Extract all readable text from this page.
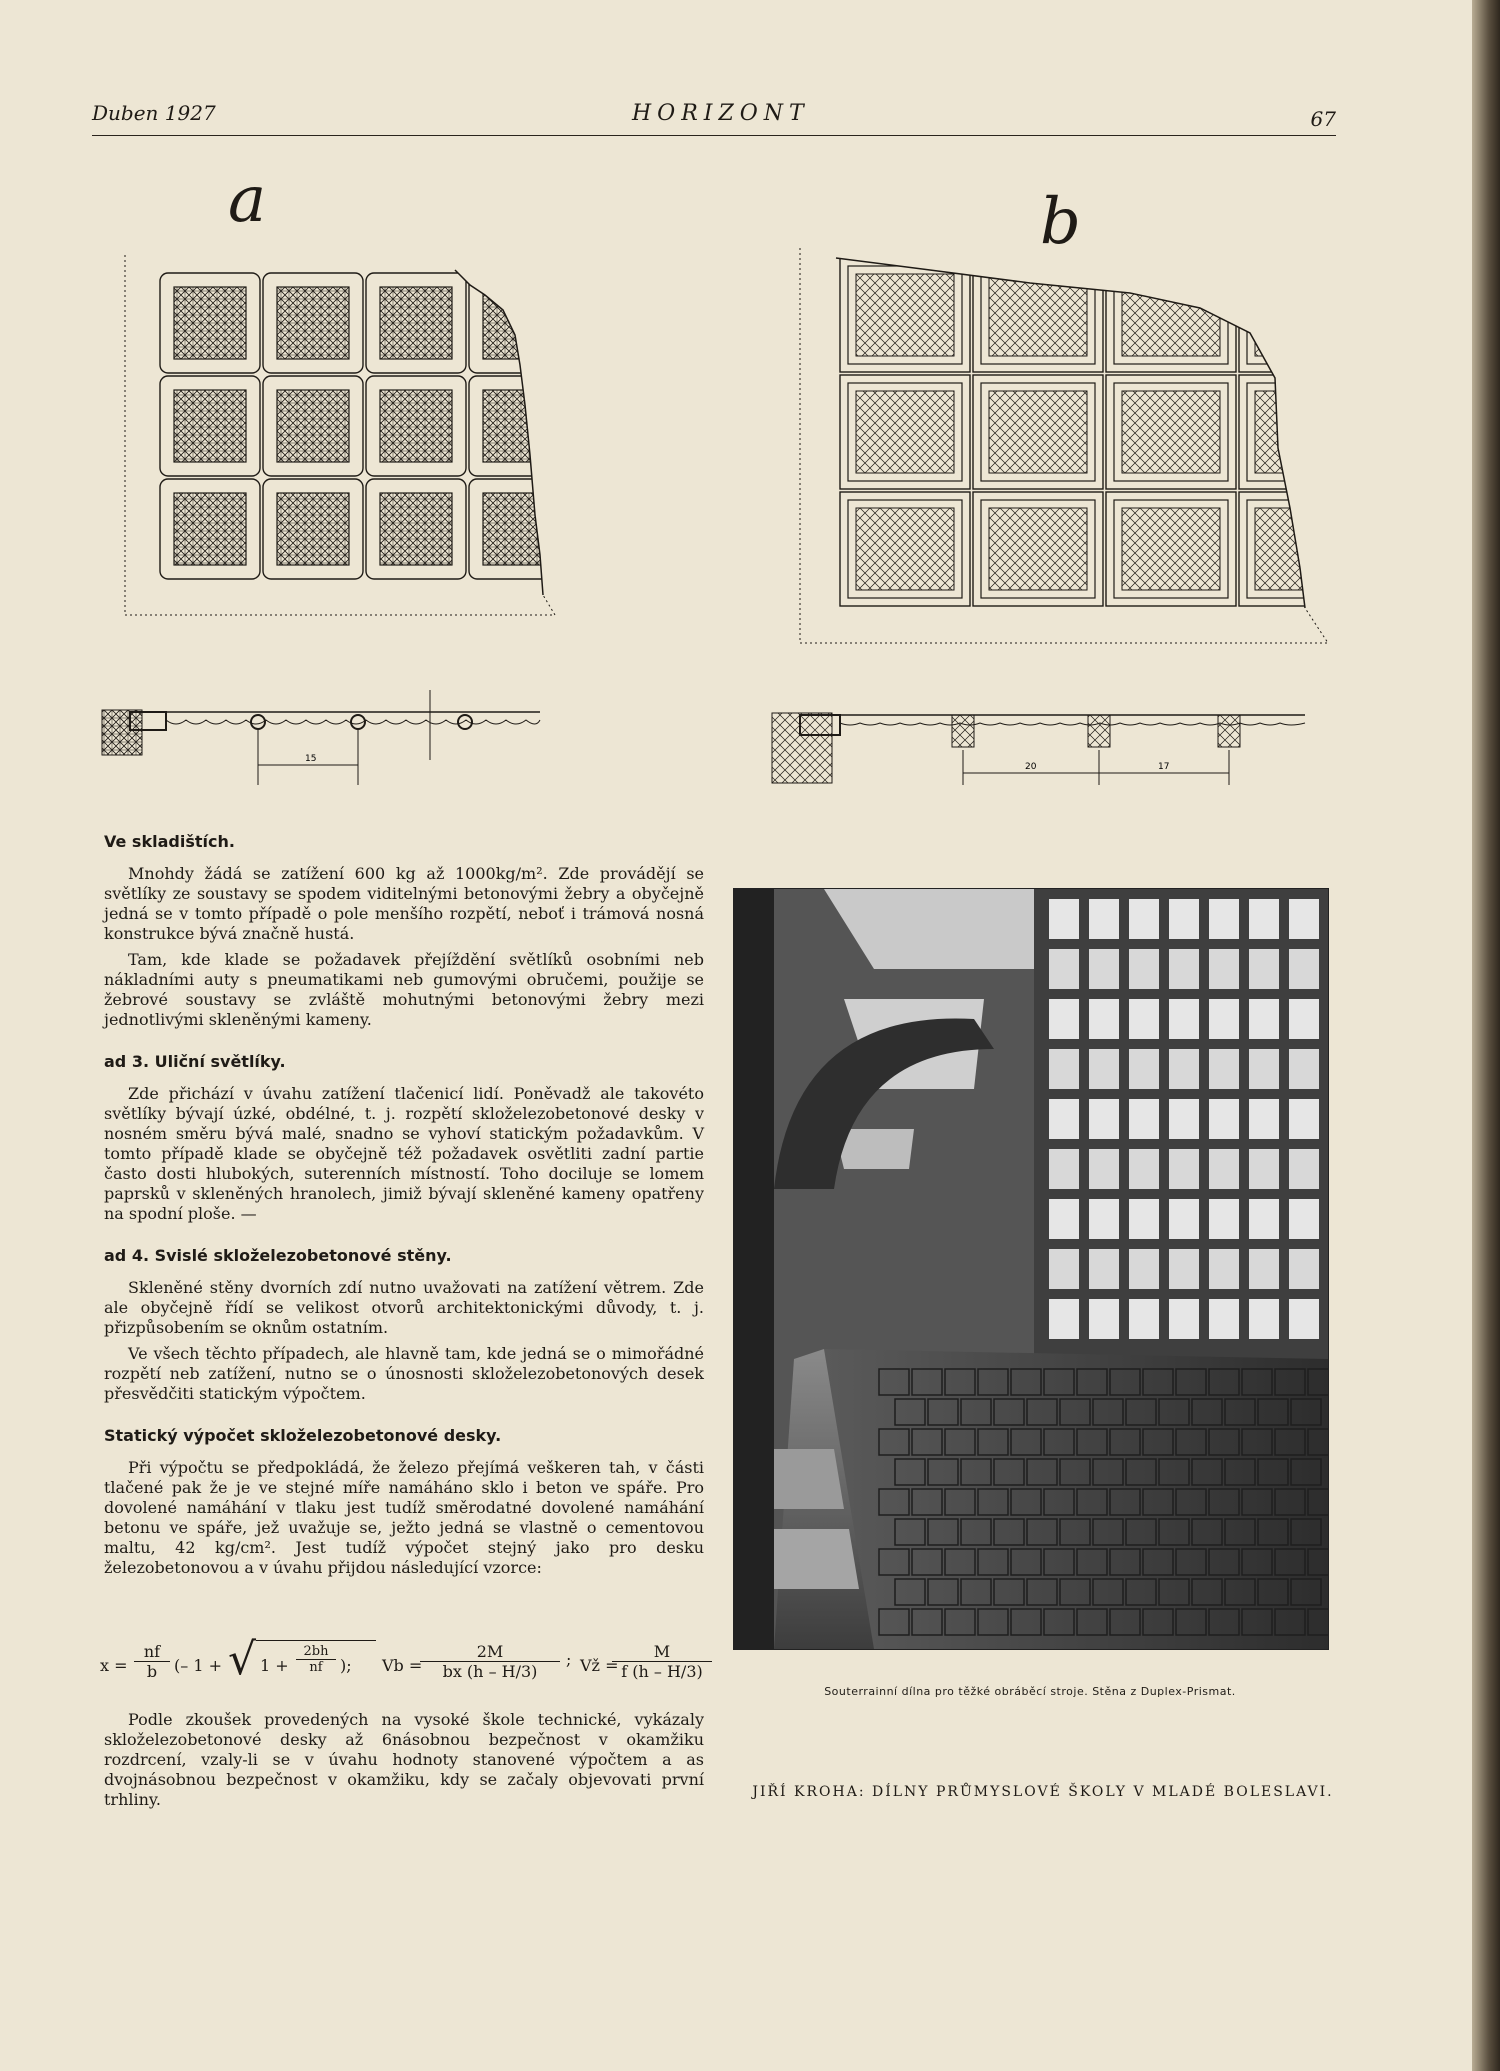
Duben 1927	HORIZONT	67
a	b
15
20	17
Ve skladištích.

Mnohdy žádá se zatížení 600 kg až 1000kg/m². Zde provádějí se světlíky ze soustavy se spodem viditelnými betonovými žebry a obyčejně jedná se v tomto případě o pole menšího rozpětí, neboť i trámová nosná konstrukce bývá značně hustá.

Tam, kde klade se požadavek přejíždění světlíků osobními neb nákladními auty s pneumatikami neb gumovými obručemi, použije se žebrové soustavy se zvláště mohutnými betonovými žebry mezi jednotlivými skleněnými kameny.

ad 3. Uliční světlíky.

Zde přichází v úvahu zatížení tlačenicí lidí. Poněvadž ale takovéto světlíky bývají úzké, obdélné, t. j. rozpětí skloželezobetonové desky v nosném směru bývá malé, snadno se vyhoví statickým požadavkům. V tomto případě klade se obyčejně též požadavek osvětliti zadní partie často dosti hlubokých, suterenních místností. Toho dociluje se lomem paprsků v skleněných hranolech, jimiž bývají skleněné kameny opatřeny na spodní ploše. —

ad 4. Svislé skloželezobetonové stěny.

Skleněné stěny dvorních zdí nutno uvažovati na zatížení větrem. Zde ale obyčejně řídí se velikost otvorů architektonickými důvody, t. j. přizpůsobením se oknům ostatním.

Ve všech těchto případech, ale hlavně tam, kde jedná se o mimořádné rozpětí neb zatížení, nutno se o únosnosti skloželezobetonových desek přesvědčiti statickým výpočtem.

Statický výpočet skloželezobetonové desky.

Při výpočtu se předpokládá, že železo přejímá veškeren tah, v části tlačené pak že je ve stejné míře namáháno sklo i beton ve spáře. Pro dovolené namáhání v tlaku jest tudíž směrodatné dovolené namáhání betonu ve spáře, jež uvažuje se, ježto jedná se vlastně o cementovou maltu, 42 kg/cm². Jest tudíž výpočet stejný jako pro desku železobetonovou a v úvahu přijdou následující vzorce:

$x = \frac{nf}{b}$ (– 1 + √ $1 + \frac{2bh}{nf}$ ); Vb =
$\frac{2M}{bx (h - H/3)}$ ; Vž =
$\frac{M}{f (h - H/3)}$

Podle zkoušek provedených na vysoké škole technické, vykázaly skloželezobetonové desky až 6násobnou bezpečnost v okamžiku rozdrcení, vzaly-li se v úvahu hodnoty stanovené výpočtem a as dvojnásobnou bezpečnost v okamžiku, kdy se začaly objevovati první trhliny.

Souterrainní dílna pro těžké obráběcí stroje. Stěna z Duplex-Prismat.
JIŘÍ KROHA: DÍLNY PRŮMYSLOVÉ ŠKOLY V MLADÉ BOLESLAVI.
